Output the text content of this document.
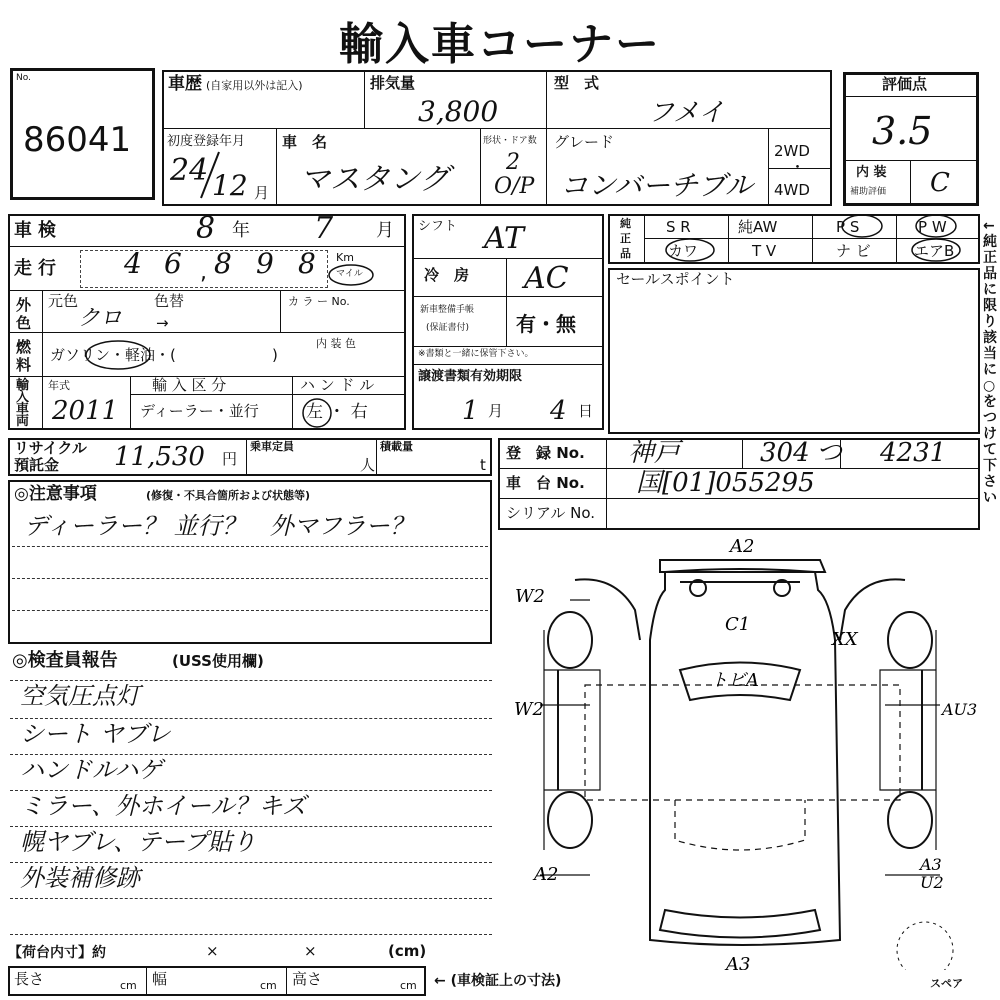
輸入車コーナー
No.
86041
車歴 (自家用以外は記入)	排気量
3,800
型　式
フメイ
初度登録年月
24 12 月
車　名
マスタング
形状・ドア数
2
O/P
グレード
コンバーチブル
2WD
・
4WD
評価点
3.5
内 装
補助評価 C
車検	8 年 7 月
走行 4 6 , 8 9 8 Km
マイル
外色
元色
クロ
色替
→
カ ラ ー No.
燃料
ガソリン・軽油・(	)
内 装 色
輸入車両
年式
2011
輸 入 区 分
ディーラー・並行
ハ ン ド ル
左 ・ 右
シフト AT
冷　房 AC
新車整備手帳
(保証書付) 有・無
※書類と一緒に保管下さい。
譲渡書類有効期限
1 月 4 日
純正品
S R	純AW	P S	P W
カワ	T V	ナ ビ	エアB
←純正品に限り該当に○をつけて下さい
セールスポイント
リサイクル
預託金 11,530 円
乗車定員
人
積載量
t
登　録 No. 神戸	304 つ 4231
車　台 No. 国[01]055295
シリアル No.
◎注意事項	(修復・不具合箇所および状態等)
ディーラー？ 並行？　外マフラー？
◎検査員報告	(USS使用欄)
空気圧点灯
シート ヤブレ
ハンドルハゲ
ミラー、外ホイール？キズ
幌ヤブレ、テープ貼り
外装補修跡
【荷台内寸】約	×	×	(cm)
長さ	cm 幅	cm 高さ	cm ← (車検証上の寸法)
A2
W2
C1
XX
トビA
W2	AU3
A2	A3
U2
A3
スペア
